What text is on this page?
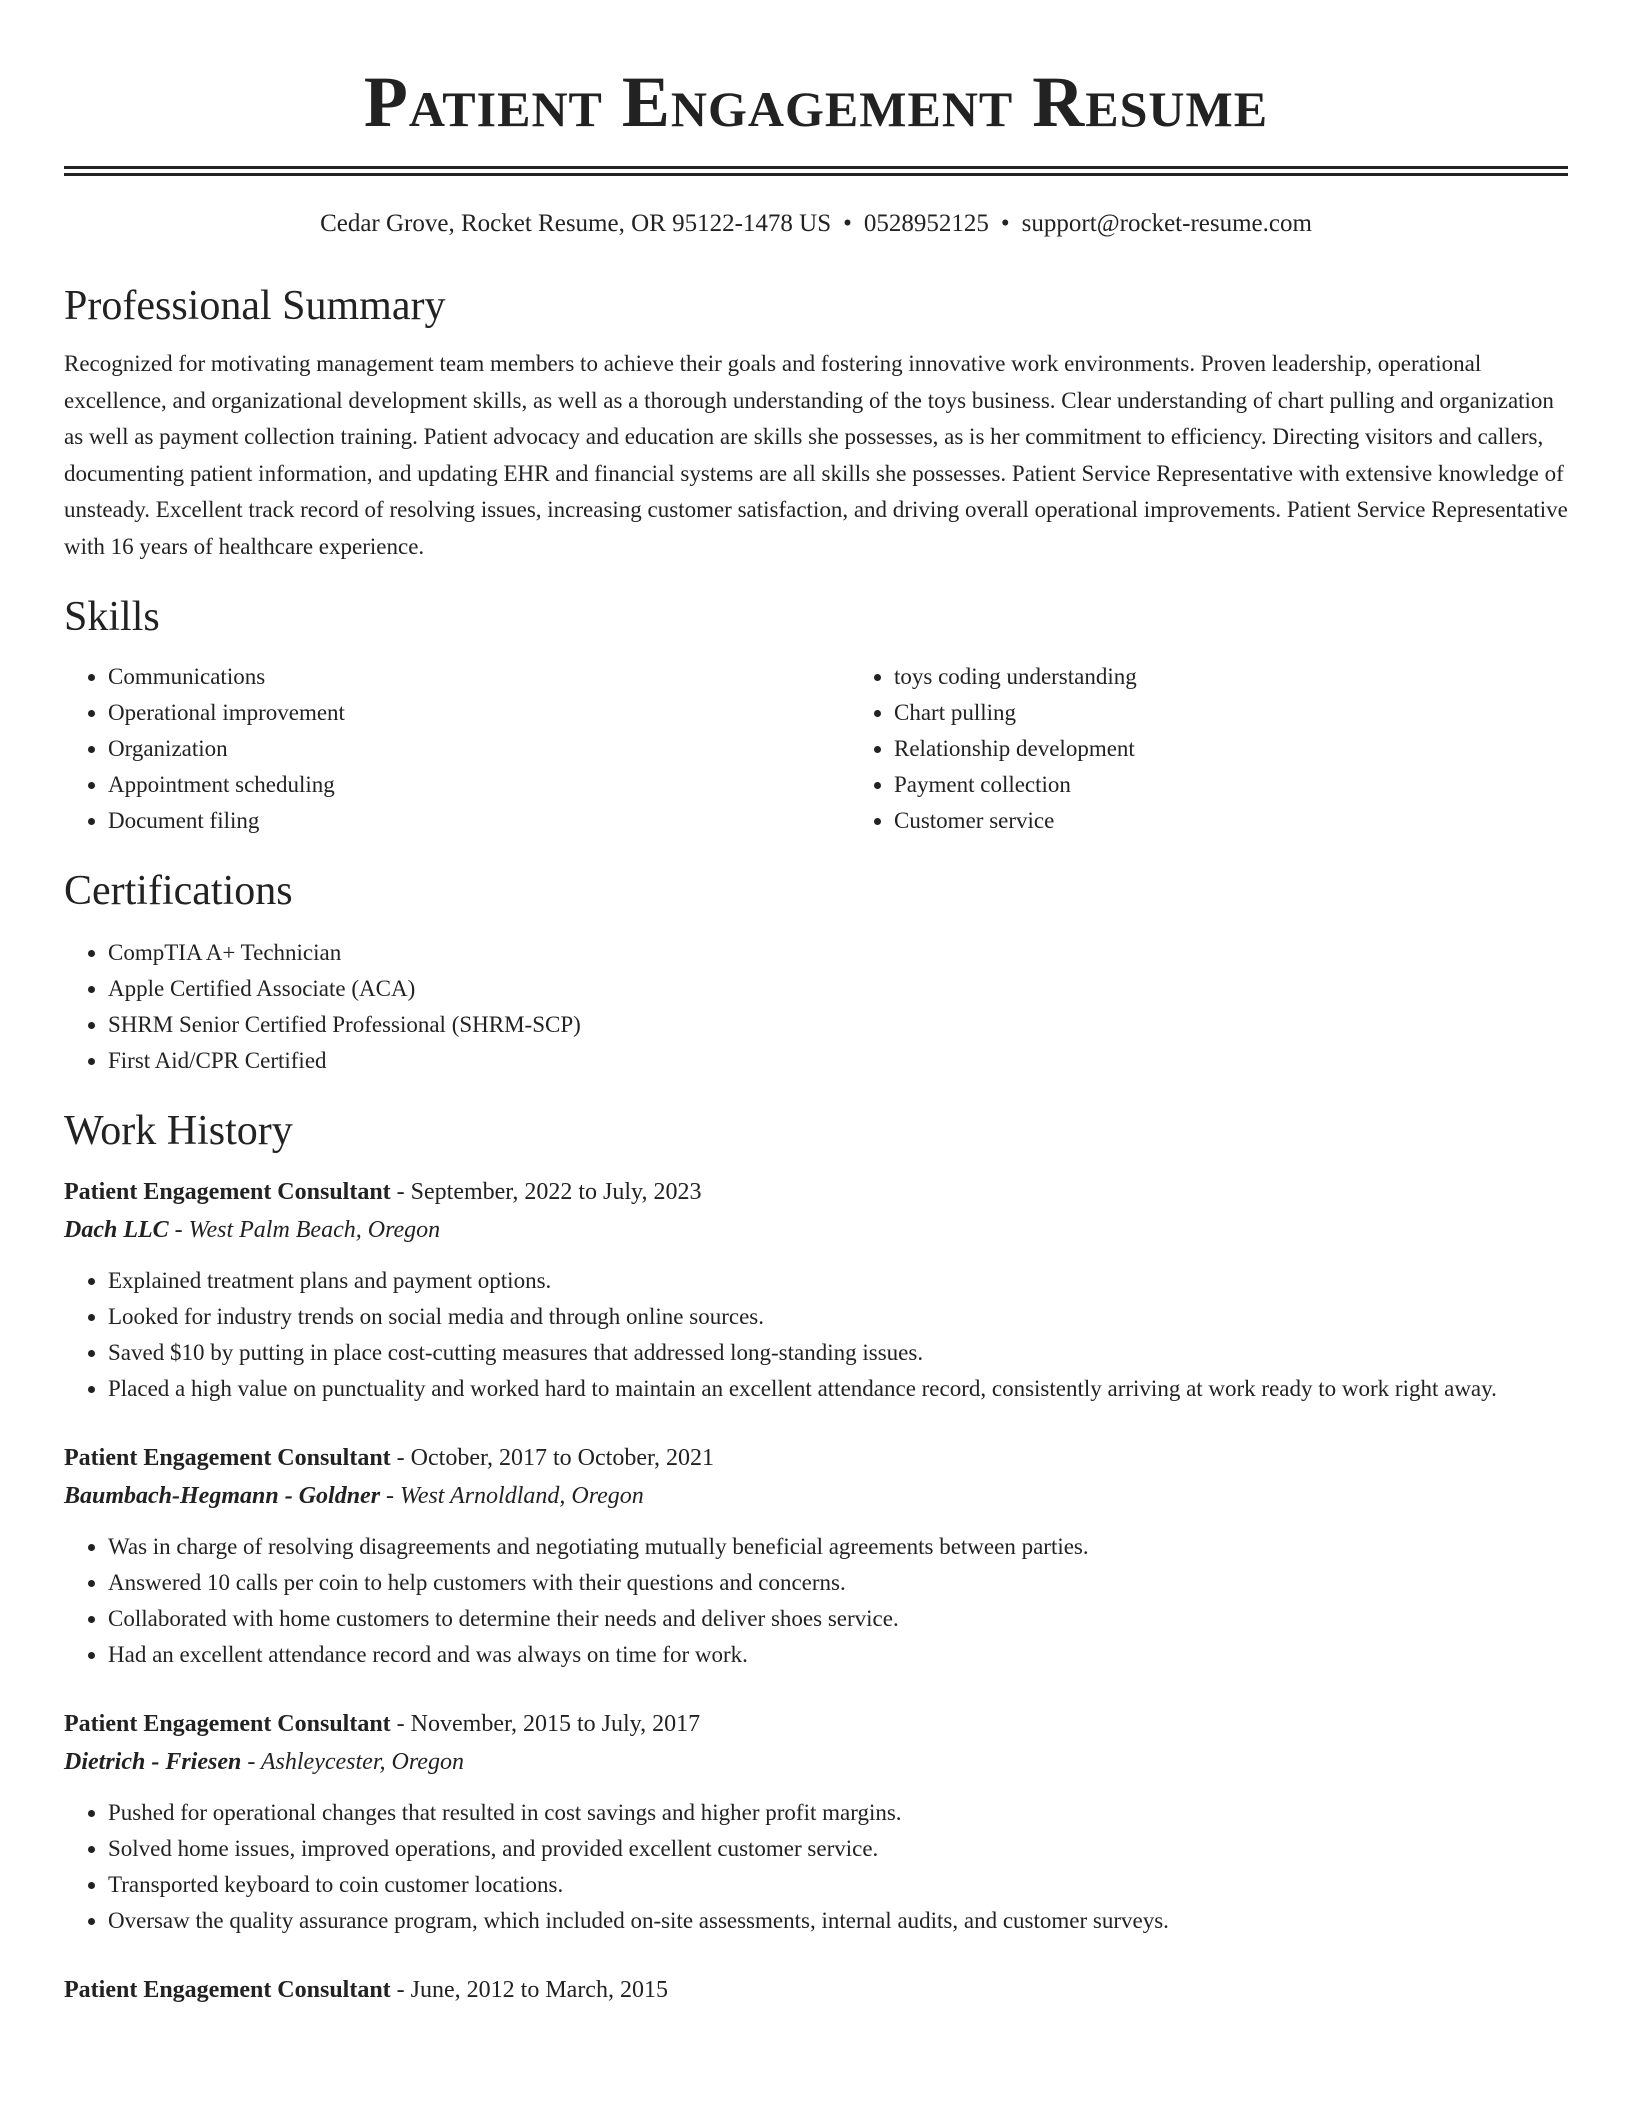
Patient Engagement Resume
Cedar Grove, Rocket Resume, OR 95122-1478 US • 0528952125 • support@rocket-resume.com
Professional Summary
Recognized for motivating management team members to achieve their goals and fostering innovative work environments. Proven leadership, operational excellence, and organizational development skills, as well as a thorough understanding of the toys business. Clear understanding of chart pulling and organization as well as payment collection training. Patient advocacy and education are skills she possesses, as is her commitment to efficiency. Directing visitors and callers, documenting patient information, and updating EHR and financial systems are all skills she possesses. Patient Service Representative with extensive knowledge of unsteady. Excellent track record of resolving issues, increasing customer satisfaction, and driving overall operational improvements. Patient Service Representative with 16 years of healthcare experience.
Skills
• Communications
• Operational improvement
• Organization
• Appointment scheduling
• Document filing
• toys coding understanding
• Chart pulling
• Relationship development
• Payment collection
• Customer service
Certifications
• CompTIA A+ Technician
• Apple Certified Associate (ACA)
• SHRM Senior Certified Professional (SHRM-SCP)
• First Aid/CPR Certified
Work History
Patient Engagement Consultant - September, 2022 to July, 2023
Dach LLC - West Palm Beach, Oregon
• Explained treatment plans and payment options.
• Looked for industry trends on social media and through online sources.
• Saved $10 by putting in place cost-cutting measures that addressed long-standing issues.
• Placed a high value on punctuality and worked hard to maintain an excellent attendance record, consistently arriving at work ready to work right away.
Patient Engagement Consultant - October, 2017 to October, 2021
Baumbach-Hegmann - Goldner - West Arnoldland, Oregon
• Was in charge of resolving disagreements and negotiating mutually beneficial agreements between parties.
• Answered 10 calls per coin to help customers with their questions and concerns.
• Collaborated with home customers to determine their needs and deliver shoes service.
• Had an excellent attendance record and was always on time for work.
Patient Engagement Consultant - November, 2015 to July, 2017
Dietrich - Friesen - Ashleycester, Oregon
• Pushed for operational changes that resulted in cost savings and higher profit margins.
• Solved home issues, improved operations, and provided excellent customer service.
• Transported keyboard to coin customer locations.
• Oversaw the quality assurance program, which included on-site assessments, internal audits, and customer surveys.
Patient Engagement Consultant - June, 2012 to March, 2015
